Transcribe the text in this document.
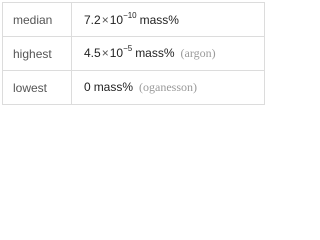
median	$7.2\times 10^{-10}$ mass%
highest	$4.5\times 10^{-5}$ mass% (argon)
lowest	0 mass% (oganesson)
